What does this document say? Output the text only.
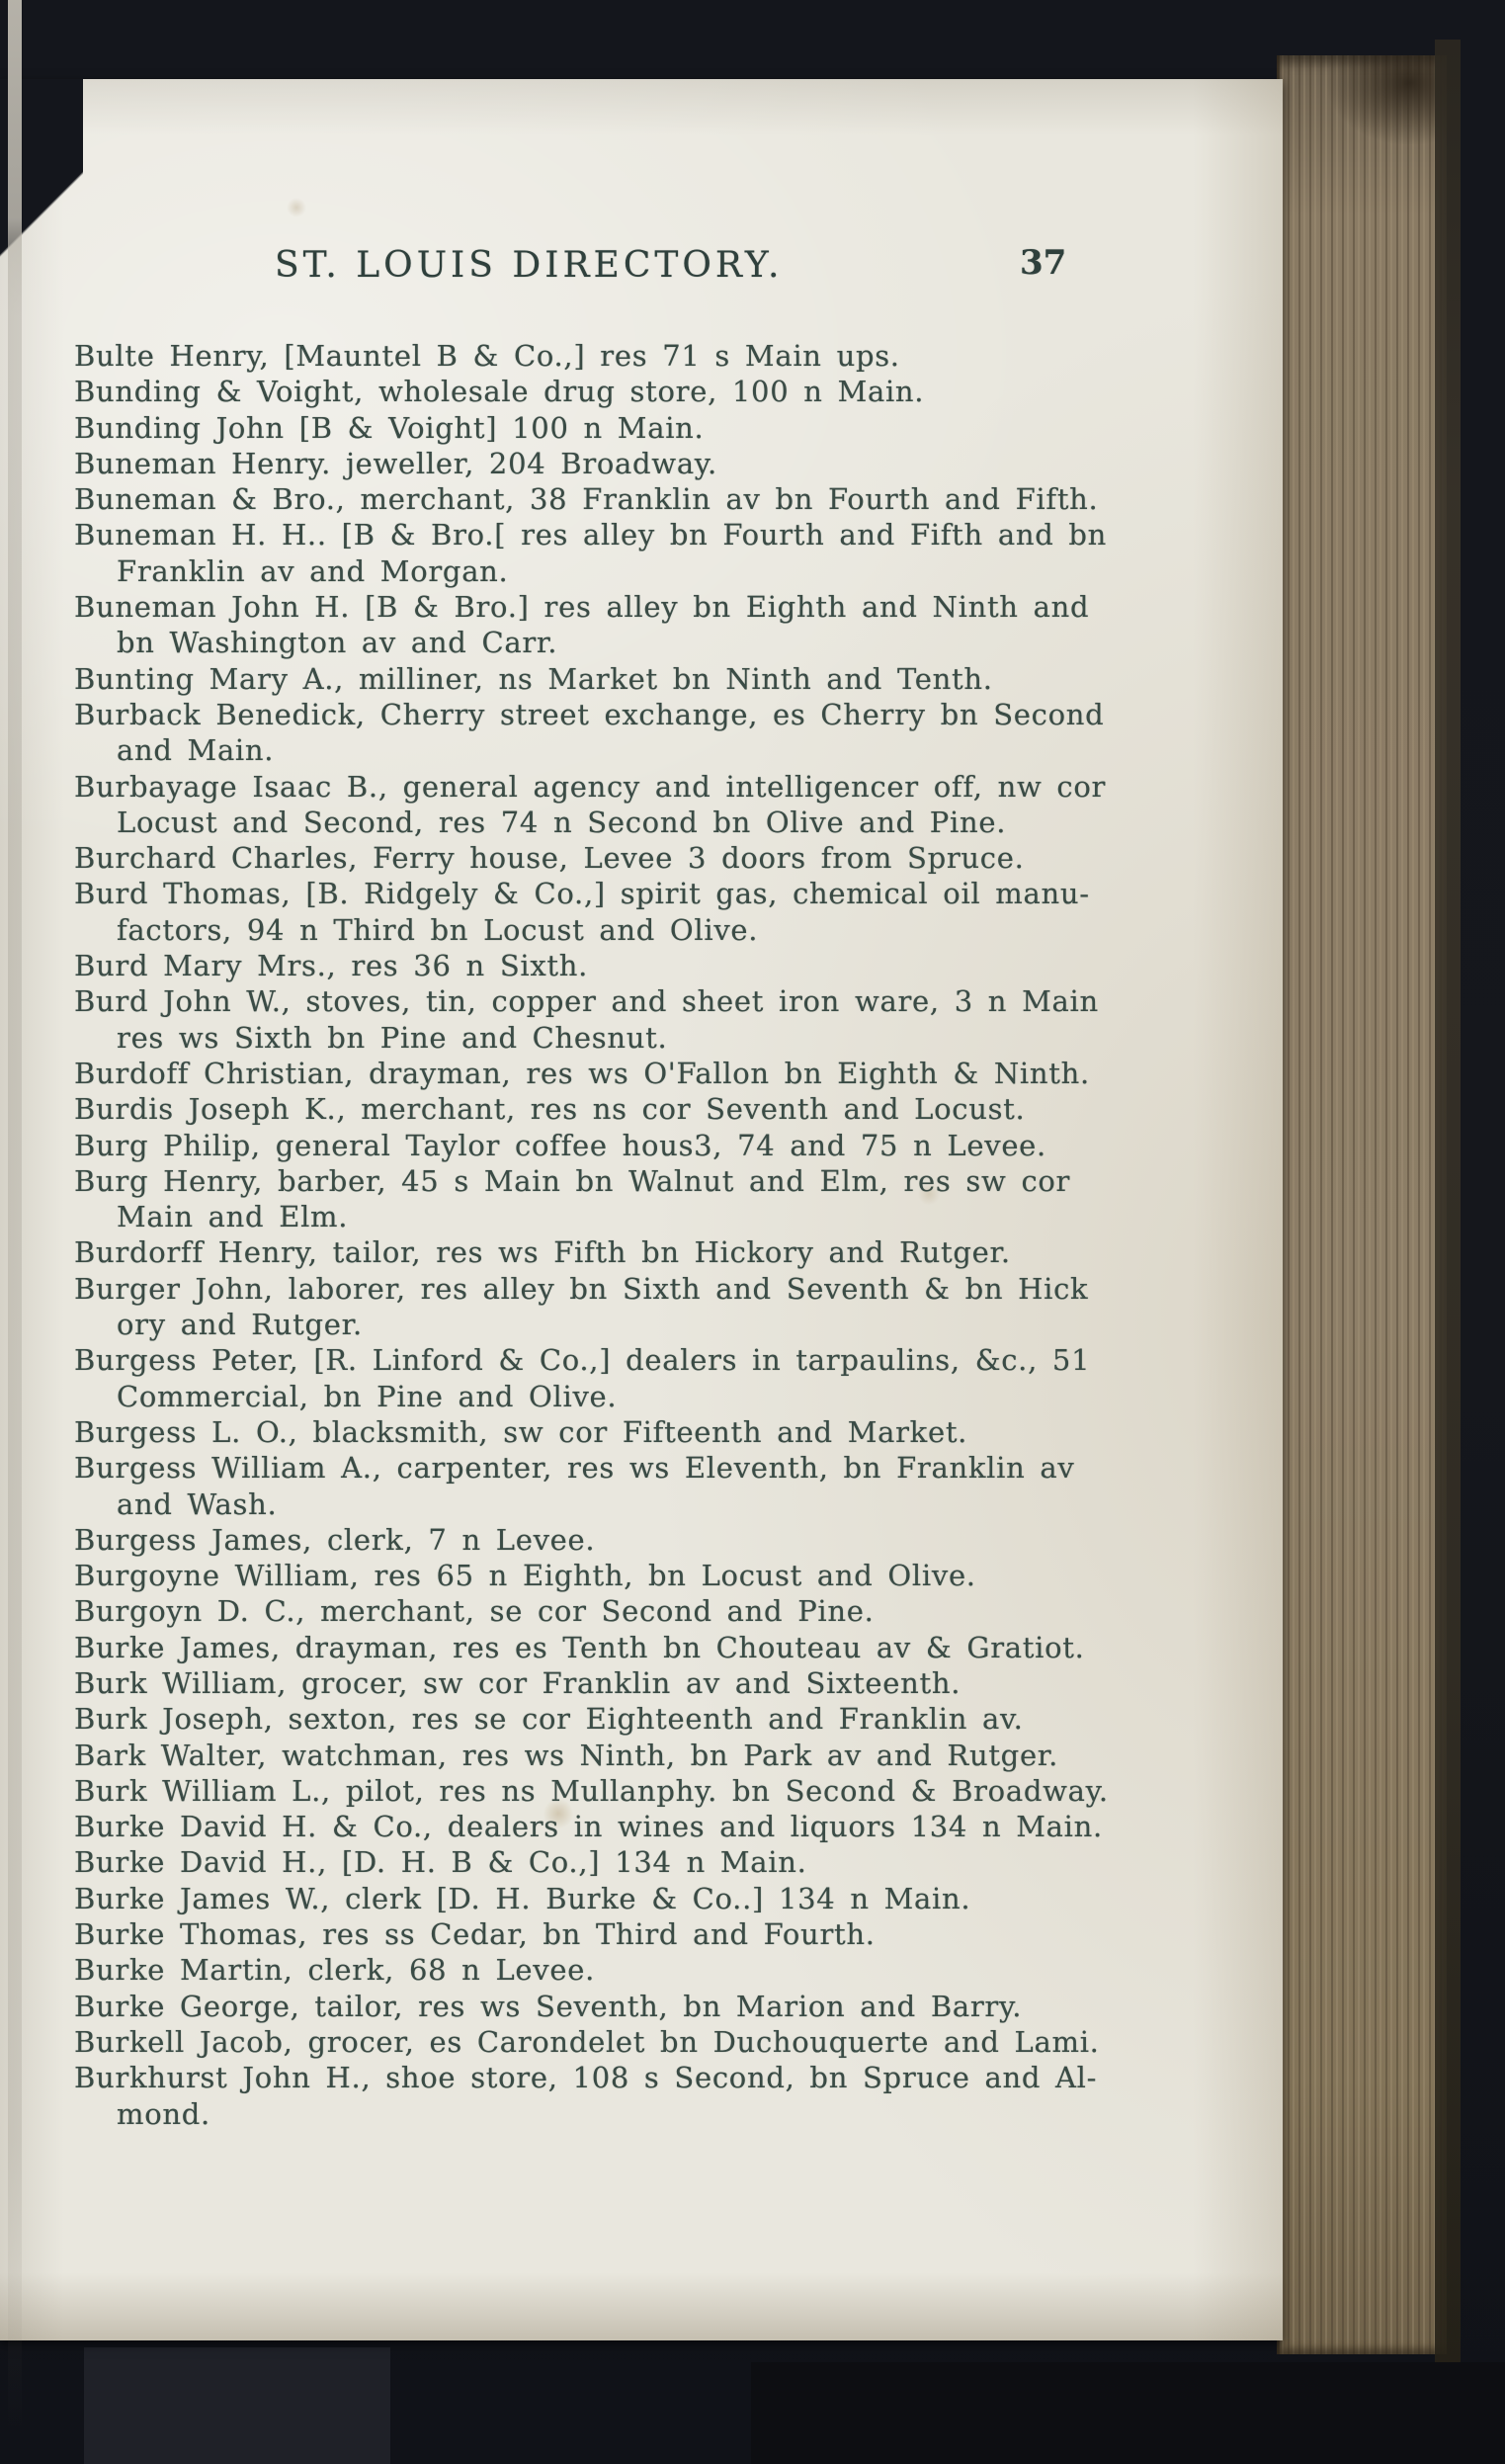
ST. LOUIS DIRECTORY.	37
Bulte Henry, [Mauntel B & Co.,] res 71 s Main ups.
Bunding & Voight, wholesale drug store, 100 n Main.
Bunding John [B & Voight] 100 n Main.
Buneman Henry. jeweller, 204 Broadway.
Buneman & Bro., merchant, 38 Franklin av bn Fourth and Fifth.
Buneman H. H.. [B & Bro.[ res alley bn Fourth and Fifth and bn
Franklin av and Morgan.
Buneman John H. [B & Bro.] res alley bn Eighth and Ninth and
bn Washington av and Carr.
Bunting Mary A., milliner, ns Market bn Ninth and Tenth.
Burback Benedick, Cherry street exchange, es Cherry bn Second
and Main.
Burbayage Isaac B., general agency and intelligencer off, nw cor
Locust and Second, res 74 n Second bn Olive and Pine.
Burchard Charles, Ferry house, Levee 3 doors from Spruce.
Burd Thomas, [B. Ridgely & Co.,] spirit gas, chemical oil manu-
factors, 94 n Third bn Locust and Olive.
Burd Mary Mrs., res 36 n Sixth.
Burd John W., stoves, tin, copper and sheet iron ware, 3 n Main
res ws Sixth bn Pine and Chesnut.
Burdoff Christian, drayman, res ws O'Fallon bn Eighth & Ninth.
Burdis Joseph K., merchant, res ns cor Seventh and Locust.
Burg Philip, general Taylor coffee hous3, 74 and 75 n Levee.
Burg Henry, barber, 45 s Main bn Walnut and Elm, res sw cor
Main and Elm.
Burdorff Henry, tailor, res ws Fifth bn Hickory and Rutger.
Burger John, laborer, res alley bn Sixth and Seventh & bn Hick
ory and Rutger.
Burgess Peter, [R. Linford & Co.,] dealers in tarpaulins, &c., 51
Commercial, bn Pine and Olive.
Burgess L. O., blacksmith, sw cor Fifteenth and Market.
Burgess William A., carpenter, res ws Eleventh, bn Franklin av
and Wash.
Burgess James, clerk, 7 n Levee.
Burgoyne William, res 65 n Eighth, bn Locust and Olive.
Burgoyn D. C., merchant, se cor Second and Pine.
Burke James, drayman, res es Tenth bn Chouteau av & Gratiot.
Burk William, grocer, sw cor Franklin av and Sixteenth.
Burk Joseph, sexton, res se cor Eighteenth and Franklin av.
Bark Walter, watchman, res ws Ninth, bn Park av and Rutger.
Burk William L., pilot, res ns Mullanphy. bn Second & Broadway.
Burke David H. & Co., dealers in wines and liquors 134 n Main.
Burke David H., [D. H. B & Co.,] 134 n Main.
Burke James W., clerk [D. H. Burke & Co..] 134 n Main.
Burke Thomas, res ss Cedar, bn Third and Fourth.
Burke Martin, clerk, 68 n Levee.
Burke George, tailor, res ws Seventh, bn Marion and Barry.
Burkell Jacob, grocer, es Carondelet bn Duchouquerte and Lami.
Burkhurst John H., shoe store, 108 s Second, bn Spruce and Al-
mond.
